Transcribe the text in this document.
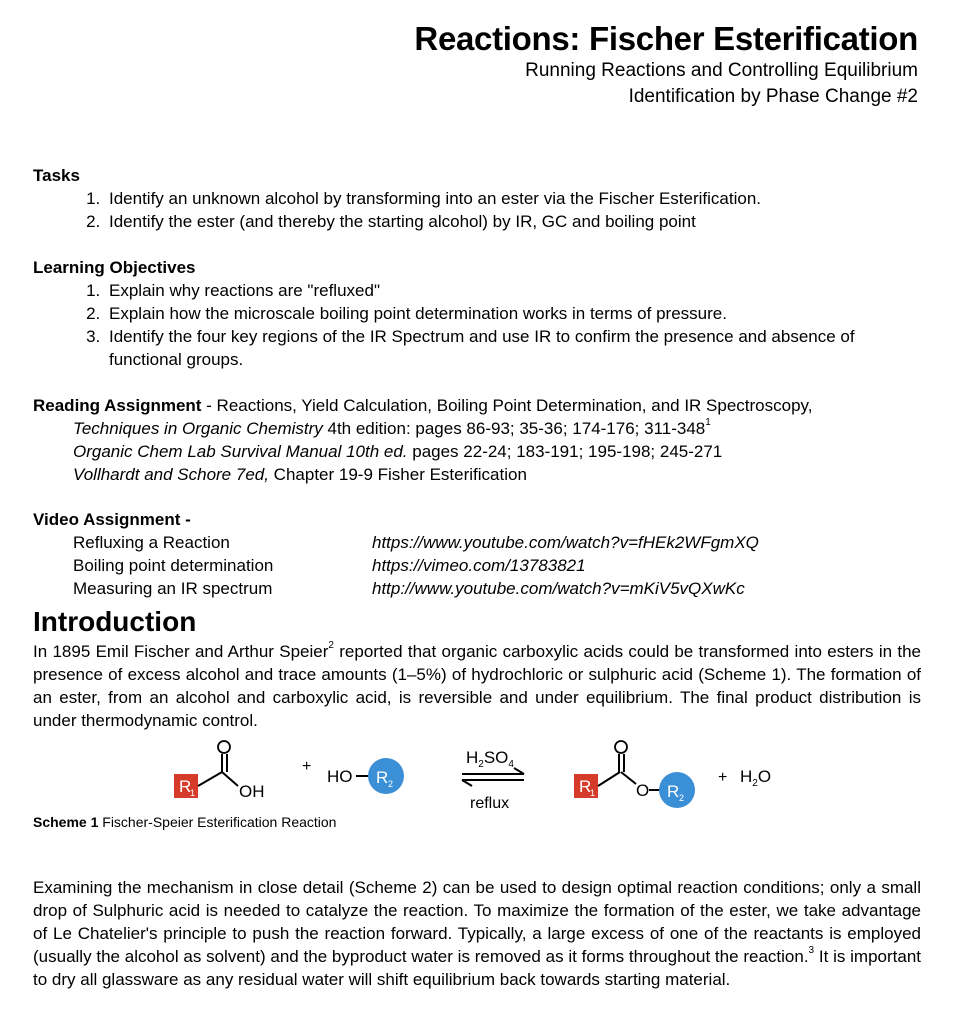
Reactions: Fischer Esterification
Running Reactions and Controlling Equilibrium
Identification by Phase Change #2
Tasks
1. Identify an unknown alcohol by transforming into an ester via the Fischer Esterification.
2. Identify the ester (and thereby the starting alcohol) by IR, GC and boiling point
Learning Objectives
1. Explain why reactions are "refluxed"
2. Explain how the microscale boiling point determination works in terms of pressure.
3. Identify the four key regions of the IR Spectrum and use IR to confirm the presence and absence of functional groups.
Reading Assignment - Reactions, Yield Calculation, Boiling Point Determination, and IR Spectroscopy,
Techniques in Organic Chemistry 4th edition: pages 86-93; 35-36; 174-176; $311-348^1$
Organic Chem Lab Survival Manual 10th ed. pages 22-24; 183-191; 195-198; 245-271
Vollhardt and Schore 7ed, Chapter 19-9 Fisher Esterification
Video Assignment -
Refluxing a Reaction	https://www.youtube.com/watch?v=fHEk2WFgmXQ
Boiling point determination	https://vimeo.com/13783821
Measuring an IR spectrum	http://www.youtube.com/watch?v=mKiV5vQXwKc
Introduction
In 1895 Emil Fischer and Arthur Speier$^2$ reported that organic carboxylic acids could be transformed into esters in the presence of excess alcohol and trace amounts (1–5%) of hydrochloric or sulphuric acid (Scheme 1). The formation of an ester, from an alcohol and carboxylic acid, is reversible and under equilibrium. The final product distribution is under thermodynamic control.
R
1	OH
+
HO R 2
$H_2SO_4$
reflux
R
1 O R 2
+ $H_2O$
Scheme 1 Fischer-Speier Esterification Reaction
Examining the mechanism in close detail (Scheme 2) can be used to design optimal reaction conditions; only a small drop of Sulphuric acid is needed to catalyze the reaction. To maximize the formation of the ester, we take advantage of Le Chatelier's principle to push the reaction forward. Typically, a large excess of one of the reactants is employed (usually the alcohol as solvent) and the byproduct water is removed as it forms throughout the reaction.$^3$ It is important to dry all glassware as any residual water will shift equilibrium back towards starting material.
